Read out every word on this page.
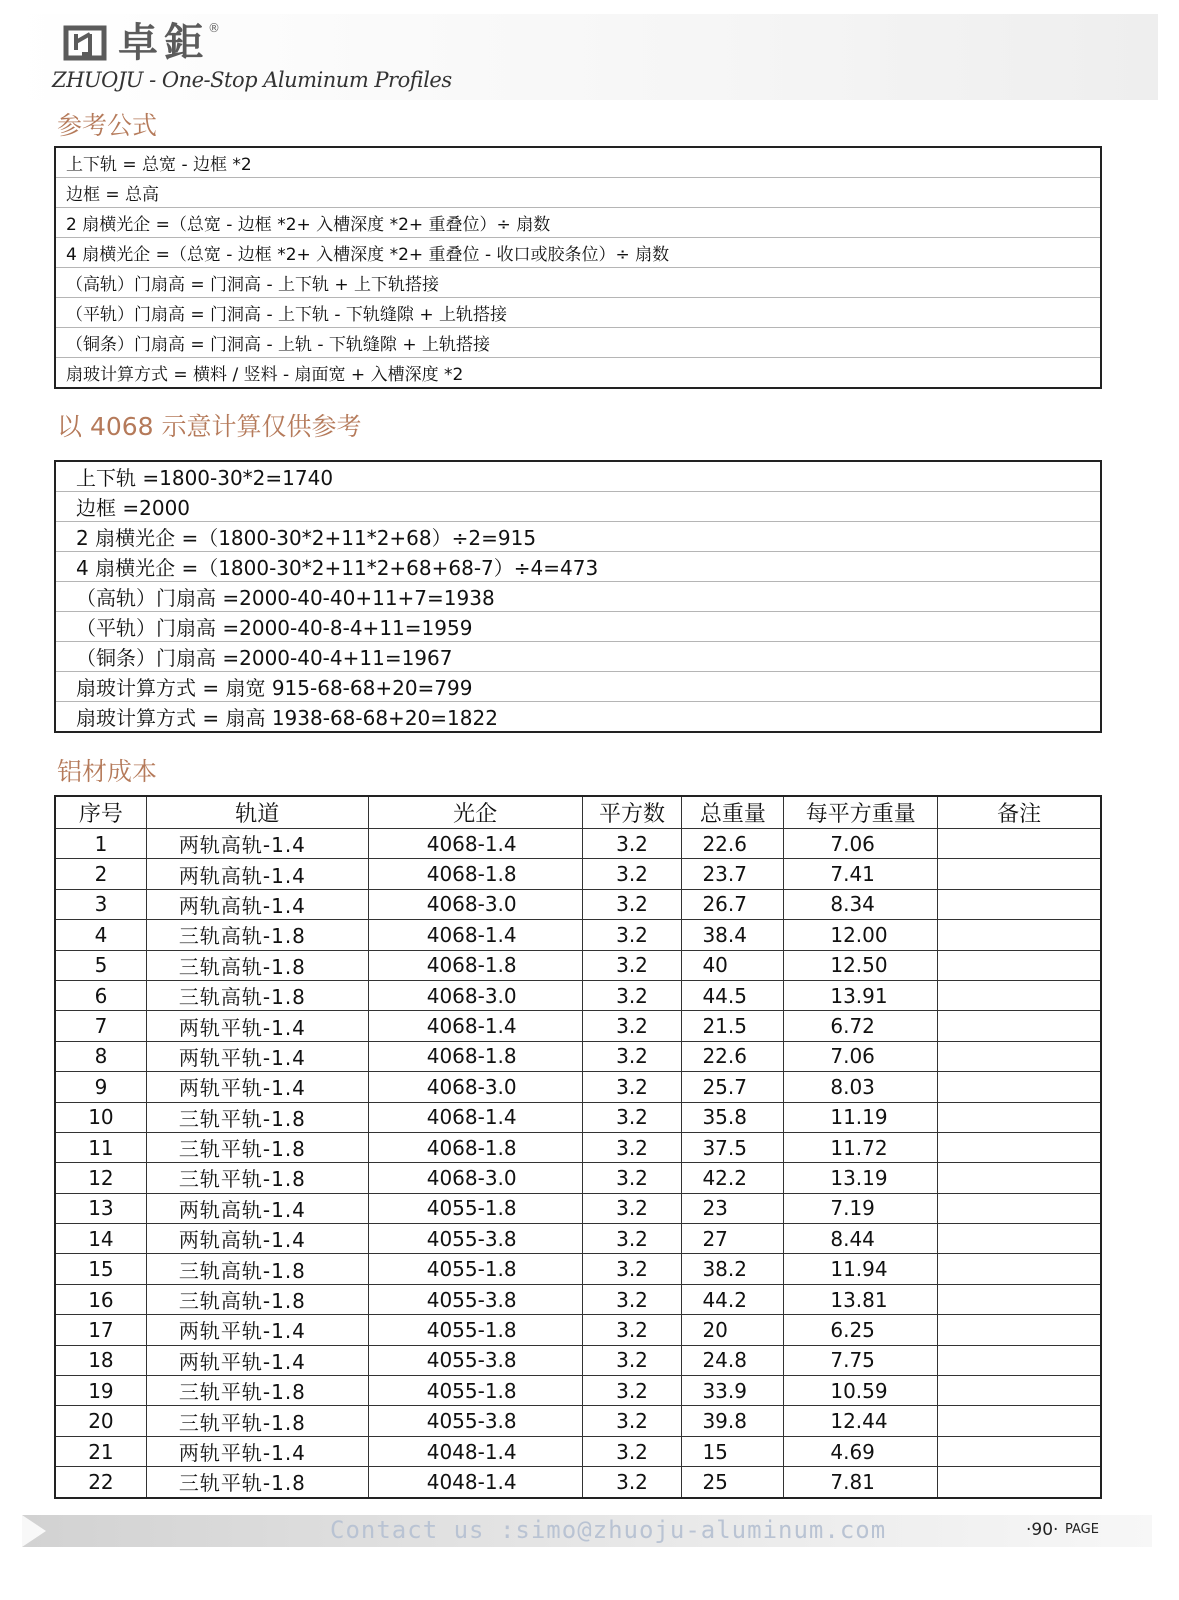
卓鉅
®
ZHUOJU - One-Stop Aluminum Profiles
参考公式
上下轨 = 总宽 - 边框 *2
边框 = 总高
2 扇横光企 =（总宽 - 边框 *2+ 入槽深度 *2+ 重叠位）÷ 扇数
4 扇横光企 =（总宽 - 边框 *2+ 入槽深度 *2+ 重叠位 - 收口或胶条位）÷ 扇数
（高轨）门扇高 = 门洞高 - 上下轨 + 上下轨搭接
（平轨）门扇高 = 门洞高 - 上下轨 - 下轨缝隙 + 上轨搭接
（铜条）门扇高 = 门洞高 - 上轨 - 下轨缝隙 + 上轨搭接
扇玻计算方式 = 横料 / 竖料 - 扇面宽 + 入槽深度 *2
以 4068 示意计算仅供参考
上下轨 =1800-30*2=1740
边框 =2000
2 扇横光企 =（1800-30*2+11*2+68）÷2=915
4 扇横光企 =（1800-30*2+11*2+68+68-7）÷4=473
（高轨）门扇高 =2000-40-40+11+7=1938
（平轨）门扇高 =2000-40-8-4+11=1959
（铜条）门扇高 =2000-40-4+11=1967
扇玻计算方式 = 扇宽 915-68-68+20=799
扇玻计算方式 = 扇高 1938-68-68+20=1822
铝材成本
序号	轨道	光企	平方数	总重量	每平方重量	备注
1	两轨高轨-1.4	4068-1.4	3.2	22.6	7.06	
2	两轨高轨-1.4	4068-1.8	3.2	23.7	7.41	
3	两轨高轨-1.4	4068-3.0	3.2	26.7	8.34	
4	三轨高轨-1.8	4068-1.4	3.2	38.4	12.00	
5	三轨高轨-1.8	4068-1.8	3.2	40	12.50	
6	三轨高轨-1.8	4068-3.0	3.2	44.5	13.91	
7	两轨平轨-1.4	4068-1.4	3.2	21.5	6.72	
8	两轨平轨-1.4	4068-1.8	3.2	22.6	7.06	
9	两轨平轨-1.4	4068-3.0	3.2	25.7	8.03	
10	三轨平轨-1.8	4068-1.4	3.2	35.8	11.19	
11	三轨平轨-1.8	4068-1.8	3.2	37.5	11.72	
12	三轨平轨-1.8	4068-3.0	3.2	42.2	13.19	
13	两轨高轨-1.4	4055-1.8	3.2	23	7.19	
14	两轨高轨-1.4	4055-3.8	3.2	27	8.44	
15	三轨高轨-1.8	4055-1.8	3.2	38.2	11.94	
16	三轨高轨-1.8	4055-3.8	3.2	44.2	13.81	
17	两轨平轨-1.4	4055-1.8	3.2	20	6.25	
18	两轨平轨-1.4	4055-3.8	3.2	24.8	7.75	
19	三轨平轨-1.8	4055-1.8	3.2	33.9	10.59	
20	三轨平轨-1.8	4055-3.8	3.2	39.8	12.44	
21	两轨平轨-1.4	4048-1.4	3.2	15	4.69	
22	三轨平轨-1.8	4048-1.4	3.2	25	7.81	
Contact us :simo@zhuoju-aluminum.com	·90· PAGE
